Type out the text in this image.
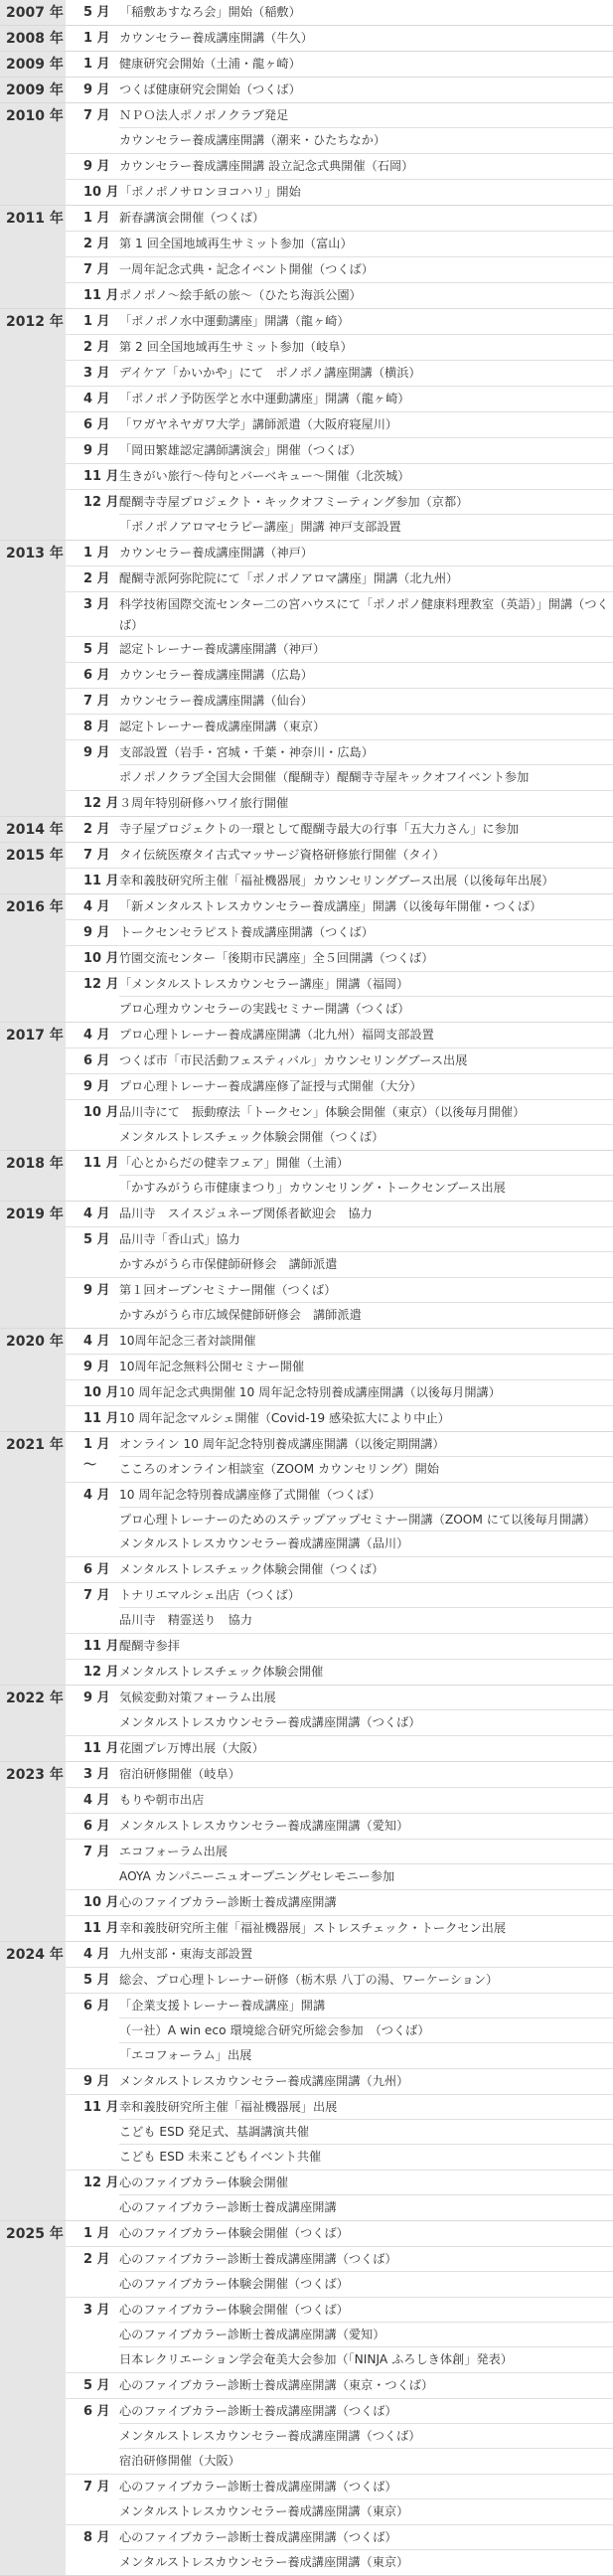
2007 年	5 月 「稲敷あすなろ会」開始（稲敷）
2008 年	1 月 カウンセラー養成講座開講（牛久）
2009 年	1 月 健康研究会開始（土浦・龍ヶ崎）
2009 年	9 月 つくば健康研究会開始（つくば）
2010 年	7 月 ＮＰＯ法人ポノポノクラブ発足
カウンセラー養成講座開講（潮来・ひたちなか）
9 月 カウンセラー養成講座開講 設立記念式典開催（石岡）
10 月 「ポノポノサロンヨコハリ」開始
2011 年	1 月 新春講演会開催（つくば）
2 月 第 1 回全国地域再生サミット参加（富山）
7 月 一周年記念式典・記念イベント開催（つくば）
11 月 ポノポノ～絵手紙の旅～（ひたち海浜公園）
2012 年	1 月 「ポノポノ水中運動講座」開講（龍ヶ崎）
2 月 第 2 回全国地域再生サミット参加（岐阜）
3 月 デイケア「かいかや」にて　ポノポノ講座開講（横浜）
4 月 「ポノポノ予防医学と水中運動講座」開講（龍ヶ崎）
6 月 「ワガヤネヤガワ大学」講師派遣（大阪府寝屋川）
9 月 「岡田繁雄認定講師講演会」開催（つくば）
11 月 生きがい旅行～侍句とバーベキュー～開催（北茨城）
12 月 醍醐寺寺屋プロジェクト・キックオフミーティング参加（京都）
「ポノポノアロマセラピー講座」開講 神戸支部設置
2013 年	1 月 カウンセラー養成講座開講（神戸）
2 月 醍醐寺派阿弥陀院にて「ポノポノアロマ講座」開講（北九州）
3 月 科学技術国際交流センター二の宮ハウスにて「ポノポノ健康料理教室（英語）」開講（つくば）
5 月 認定トレーナー養成講座開講（神戸）
6 月 カウンセラー養成講座開講（広島）
7 月 カウンセラー養成講座開講（仙台）
8 月 認定トレーナー養成講座開講（東京）
9 月 支部設置（岩手・宮城・千葉・神奈川・広島）
ポノポノクラブ全国大会開催（醍醐寺）醍醐寺寺屋キックオフイベント参加
12 月 ３周年特別研修ハワイ旅行開催
2014 年	2 月 寺子屋プロジェクトの一環として醍醐寺最大の行事「五大力さん」に参加
2015 年	7 月 タイ伝統医療タイ古式マッサージ資格研修旅行開催（タイ）
11 月 幸和義肢研究所主催「福祉機器展」カウンセリングブース出展（以後毎年出展）
2016 年	4 月 「新メンタルストレスカウンセラー養成講座」開講（以後毎年開催・つくば）
9 月 トークセンセラピスト養成講座開講（つくば）
10 月 竹園交流センター「後期市民講座」全５回開講（つくば）
12 月 「メンタルストレスカウンセラー講座」開講（福岡）
プロ心理カウンセラーの実践セミナー開講（つくば）
2017 年	4 月 プロ心理トレーナー養成講座開講（北九州）福岡支部設置
6 月 つくば市「市民活動フェスティバル」カウンセリングブース出展
9 月 プロ心理トレーナー養成講座修了証授与式開催（大分）
10 月 品川寺にて　振動療法「トークセン」体験会開催（東京）（以後毎月開催）
メンタルストレスチェック体験会開催（つくば）
2018 年	11 月 「心とからだの健幸フェア」開催（土浦）
「かすみがうら市健康まつり」カウンセリング・トークセンブース出展
2019 年	4 月 品川寺　スイスジュネーブ関係者歓迎会　協力
5 月 品川寺「香山式」協力
かすみがうら市保健師研修会　講師派遣
9 月 第１回オープンセミナー開催（つくば）
かすみがうら市広域保健師研修会　講師派遣
2020 年	4 月 10周年記念三者対談開催
9 月 10周年記念無料公開セミナー開催
10 月 10 周年記念式典開催 10 周年記念特別養成講座開講（以後毎月開講）
11 月 10 周年記念マルシェ開催（Covid-19 感染拡大により中止）
2021 年	1 月～
オンライン 10 周年記念特別養成講座開講（以後定期開講）
こころのオンライン相談室（ZOOM カウンセリング）開始
4 月 10 周年記念特別養成講座修了式開催（つくば）
プロ心理トレーナーのためのステップアップセミナー開講（ZOOM にて以後毎月開講）
メンタルストレスカウンセラー養成講座開講（品川）
6 月 メンタルストレスチェック体験会開催（つくば）
7 月 トナリエマルシェ出店（つくば）
品川寺　精霊送り　協力
11 月 醍醐寺参拝
12 月 メンタルストレスチェック体験会開催
2022 年	9 月 気候変動対策フォーラム出展
メンタルストレスカウンセラー養成講座開講（つくば）
11 月 花園プレ万博出展（大阪）
2023 年	3 月 宿泊研修開催（岐阜）
4 月 もりや朝市出店
6 月 メンタルストレスカウンセラー養成講座開講（愛知）
7 月 エコフォーラム出展
AOYA カンパニーニュオープニングセレモニー参加
10 月 心のファイブカラー診断士養成講座開講
11 月 幸和義肢研究所主催「福祉機器展」ストレスチェック・トークセン出展
2024 年	4 月 九州支部・東海支部設置
5 月 総会、プロ心理トレーナー研修（栃木県 八丁の湯、ワーケーション）
6 月 「企業支援トレーナー養成講座」開講
（一社）A win eco 環境総合研究所総会参加　（つくば）
「エコフォーラム」出展
9 月 メンタルストレスカウンセラー養成講座開講（九州）
11 月 幸和義肢研究所主催「福祉機器展」出展
こども ESD 発足式、基調講演共催
こども ESD 未来こどもイベント共催
12 月 心のファイブカラー体験会開催
心のファイブカラー診断士養成講座開講
2025 年	1 月 心のファイブカラー体験会開催（つくば）
2 月 心のファイブカラー診断士養成講座開講（つくば）
心のファイブカラー体験会開催（つくば）
3 月 心のファイブカラー体験会開催（つくば）
心のファイブカラー診断士養成講座開講（愛知）
日本レクリエーション学会奄美大会参加（「NINJA ふろしき体創」発表）
5 月 心のファイブカラー診断士養成講座開講（東京・つくば）
6 月 心のファイブカラー診断士養成講座開講（つくば）
メンタルストレスカウンセラー養成講座開講（つくば）
宿泊研修開催（大阪）
7 月 心のファイブカラー診断士養成講座開講（つくば）
メンタルストレスカウンセラー養成講座開講（東京）
8 月 心のファイブカラー診断士養成講座開講（つくば）
メンタルストレスカウンセラー養成講座開講（東京）
